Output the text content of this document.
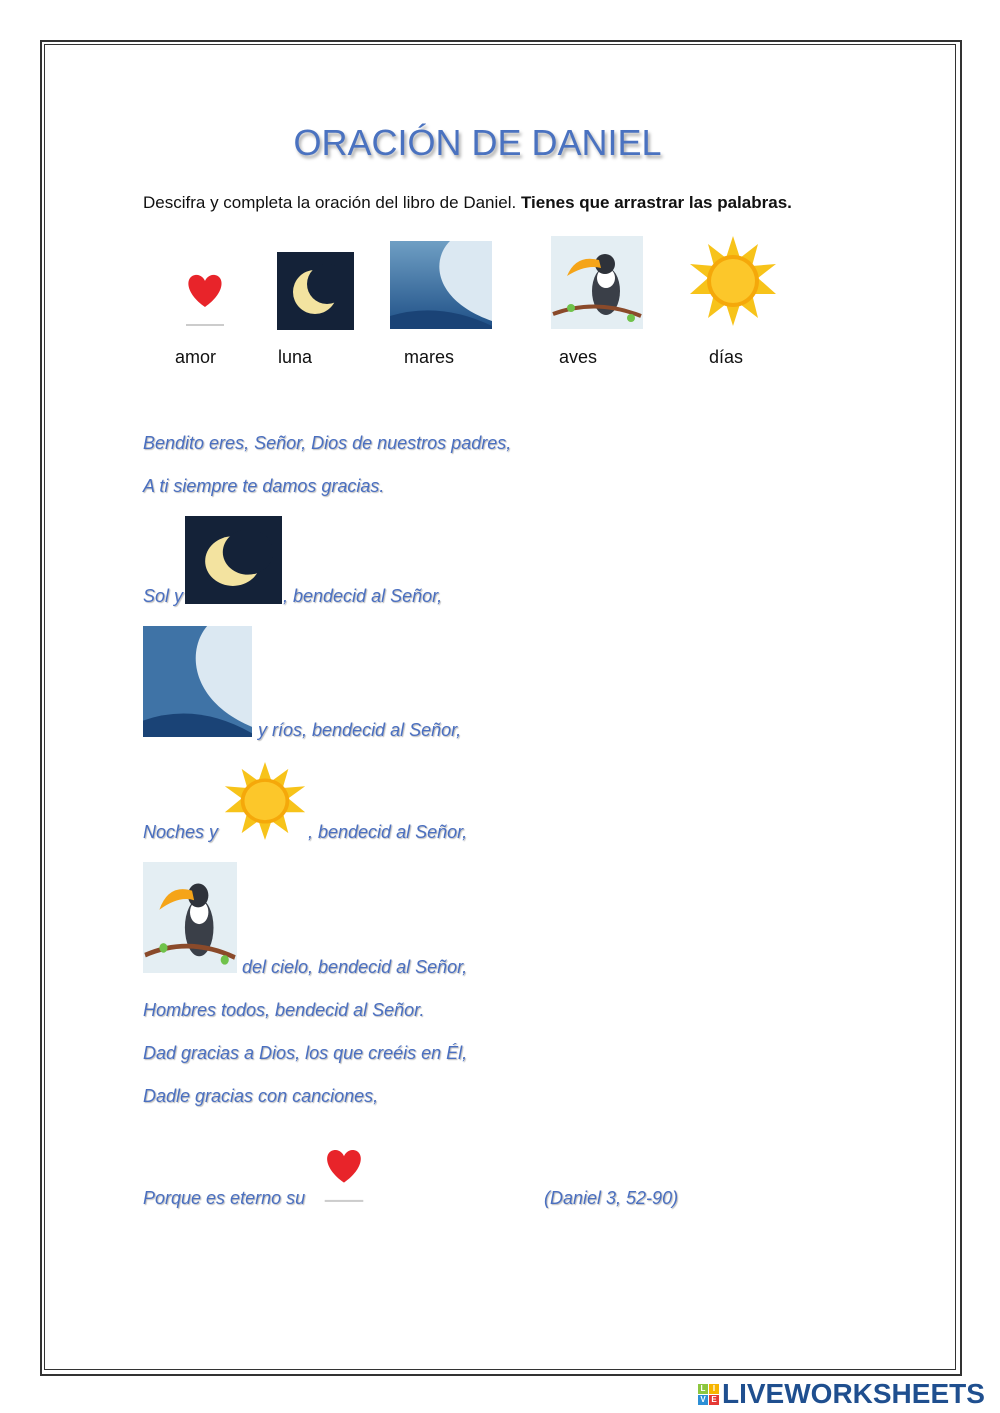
ORACIÓN DE DANIEL
Descifra y completa la oración del libro de Daniel. Tienes que arrastrar las palabras.
amor	luna	mares	aves	días
Bendito eres, Señor, Dios de nuestros padres,
A ti siempre te damos gracias.
Sol y	, bendecid al Señor,
y ríos, bendecid al Señor,
Noches y	, bendecid al Señor,
del cielo, bendecid al Señor,
Hombres todos, bendecid al Señor.
Dad gracias a Dios, los que creéis en Él,
Dadle gracias con canciones,
Porque es eterno su	(Daniel 3, 52-90)
L I
V E LIVEWORKSHEETS
